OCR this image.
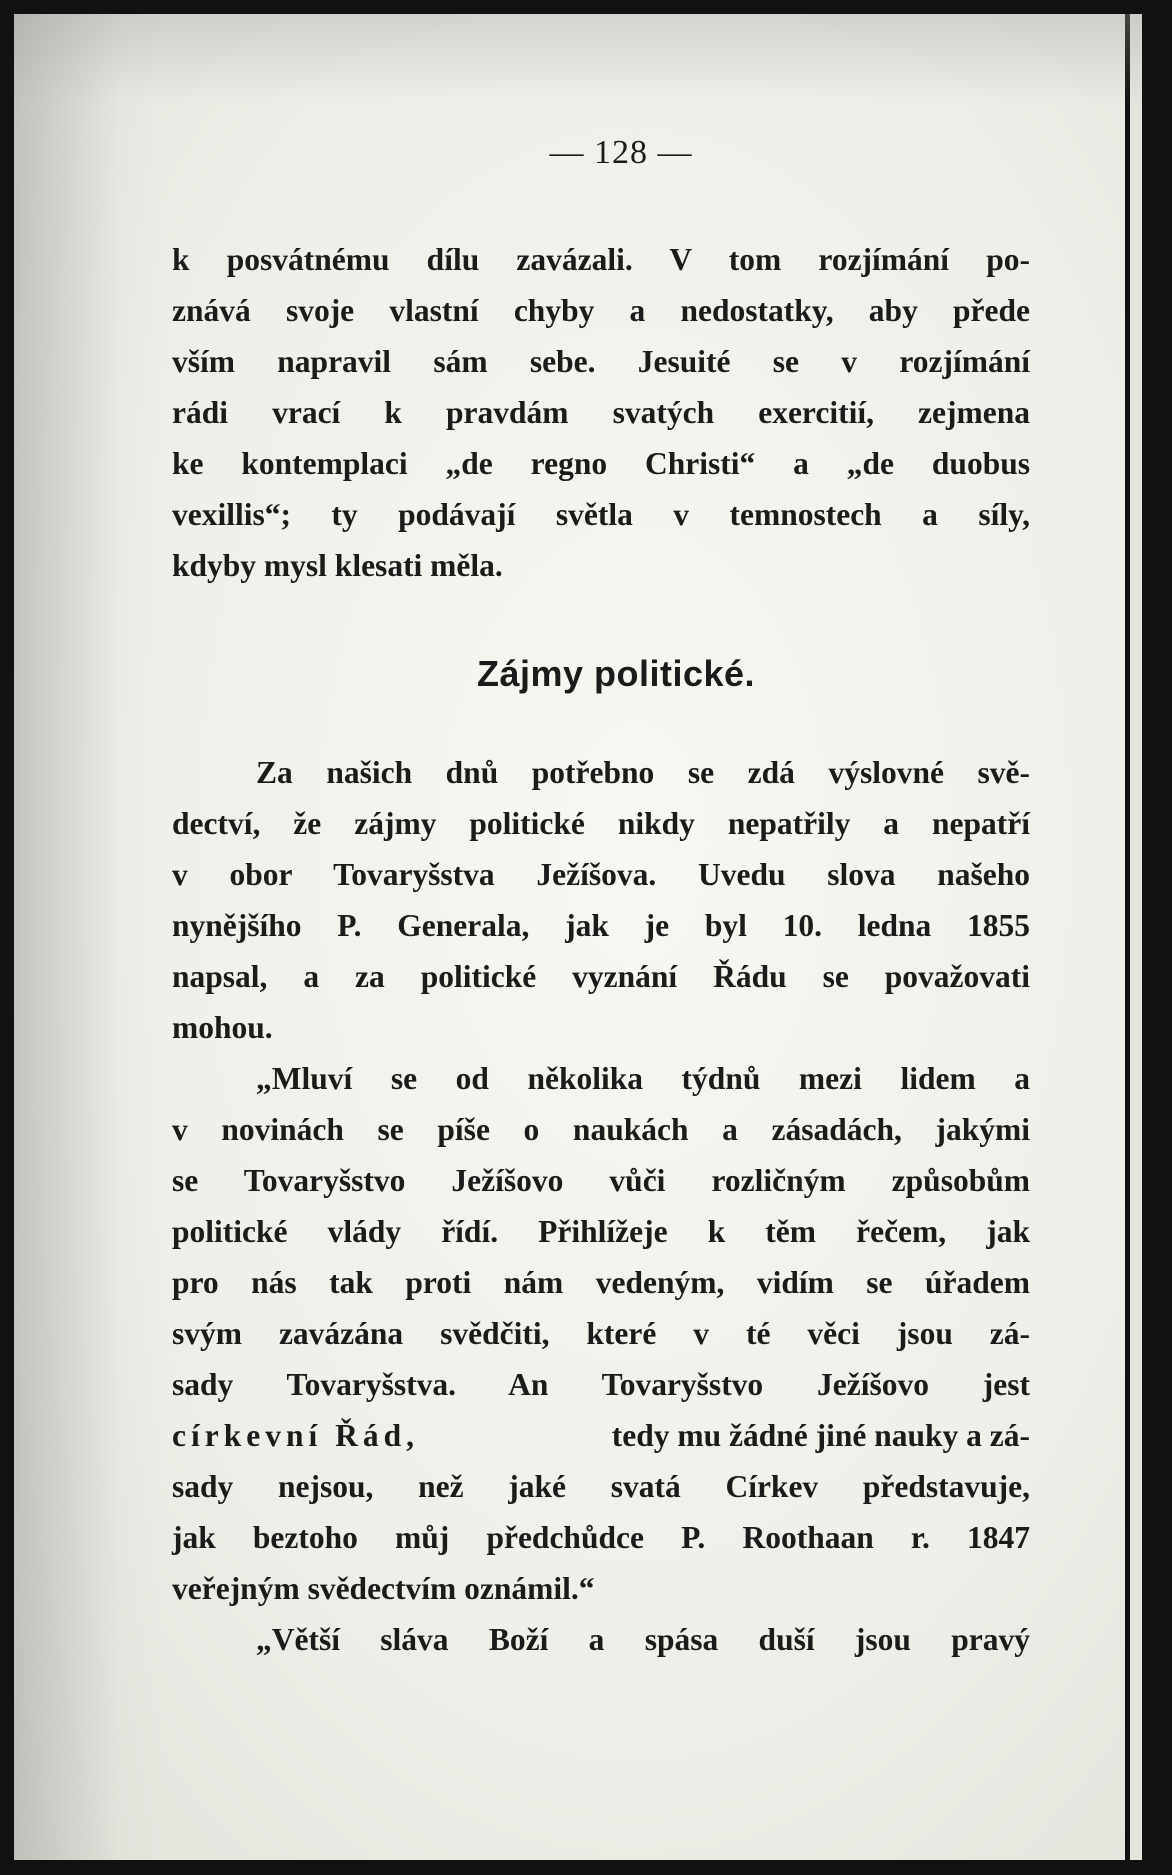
— 128 —
k posvátnému dílu zavázali. V tom rozjímání po-
znává svoje vlastní chyby a nedostatky, aby přede
vším napravil sám sebe. Jesuité se v rozjímání
rádi vrací k pravdám svatých exercitií, zejmena
ke kontemplaci „de regno Christi“ a „de duobus
vexillis“; ty podávají světla v temnostech a síly,
kdyby mysl klesati měla.
Zájmy politické.
Za našich dnů potřebno se zdá výslovné svě-
dectví, že zájmy politické nikdy nepatřily a nepatří
v obor Tovaryšstva Ježíšova. Uvedu slova našeho
nynějšího P. Generala, jak je byl 10. ledna 1855
napsal, a za politické vyznání Řádu se považovati
mohou.
„Mluví se od několika týdnů mezi lidem a
v novinách se píše o naukách a zásadách, jakými
se Tovaryšstvo Ježíšovo vůči rozličným způsobům
politické vlády řídí. Přihlížeje k těm řečem, jak
pro nás tak proti nám vedeným, vidím se úřadem
svým zavázána svědčiti, které v té věci jsou zá-
sady Tovaryšstva. An Tovaryšstvo Ježíšovo jest
církevní Řád,	tedy mu žádné jiné nauky a zá-
sady nejsou, než jaké svatá Církev představuje,
jak beztoho můj předchůdce P. Roothaan r. 1847
veřejným svědectvím oznámil.“
„Větší sláva Boží a spása duší jsou pravý
